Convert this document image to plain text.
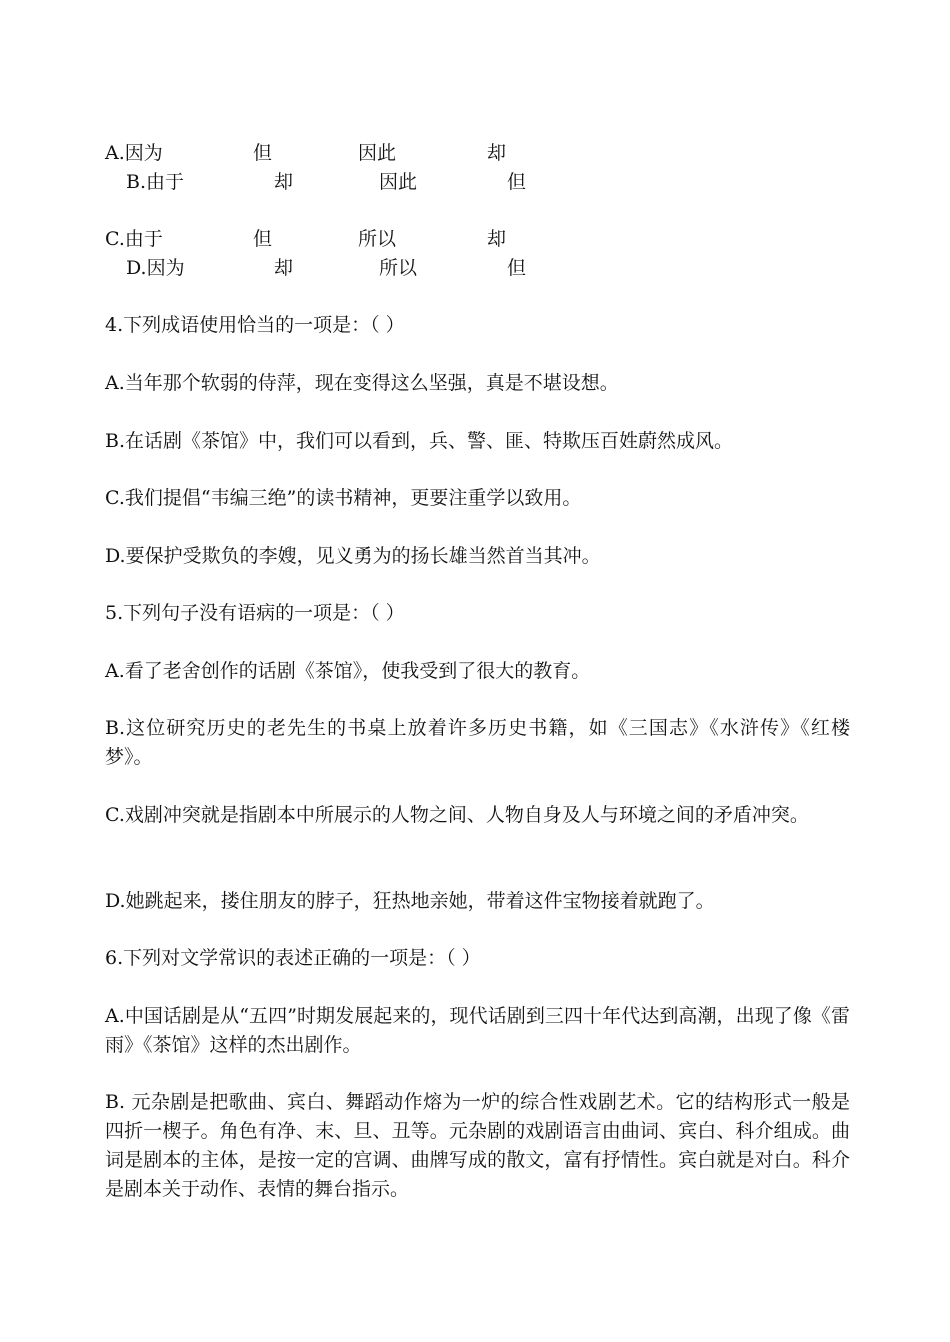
A.因为	但	因此	却
B.由于	却	因此	但
C.由于	但	所以	却
D.因为	却	所以	但

4.下列成语使用恰当的一项是：（ ）

A.当年那个软弱的侍萍，现在变得这么坚强，真是不堪设想。

B.在话剧《茶馆》中，我们可以看到，兵、警、匪、特欺压百姓蔚然成风。

C.我们提倡“韦编三绝”的读书精神，更要注重学以致用。

D.要保护受欺负的李嫂，见义勇为的扬长雄当然首当其冲。

5.下列句子没有语病的一项是：（ ）

A.看了老舍创作的话剧《茶馆》，使我受到了很大的教育。

B.这位研究历史的老先生的书桌上放着许多历史书籍，如《三国志》《水浒传》《红楼梦》。

C.戏剧冲突就是指剧本中所展示的人物之间、人物自身及人与环境之间的矛盾冲突。

D.她跳起来，搂住朋友的脖子，狂热地亲她，带着这件宝物接着就跑了。

6.下列对文学常识的表述正确的一项是：（ ）

A.中国话剧是从“五四”时期发展起来的，现代话剧到三四十年代达到高潮，出现了像《雷雨》《茶馆》这样的杰出剧作。

B. 元杂剧是把歌曲、宾白、舞蹈动作熔为一炉的综合性戏剧艺术。它的结构形式一般是四折一楔子。角色有净、末、旦、丑等。元杂剧的戏剧语言由曲词、宾白、科介组成。曲词是剧本的主体，是按一定的宫调、曲牌写成的散文，富有抒情性。宾白就是对白。科介是剧本关于动作、表情的舞台指示。
